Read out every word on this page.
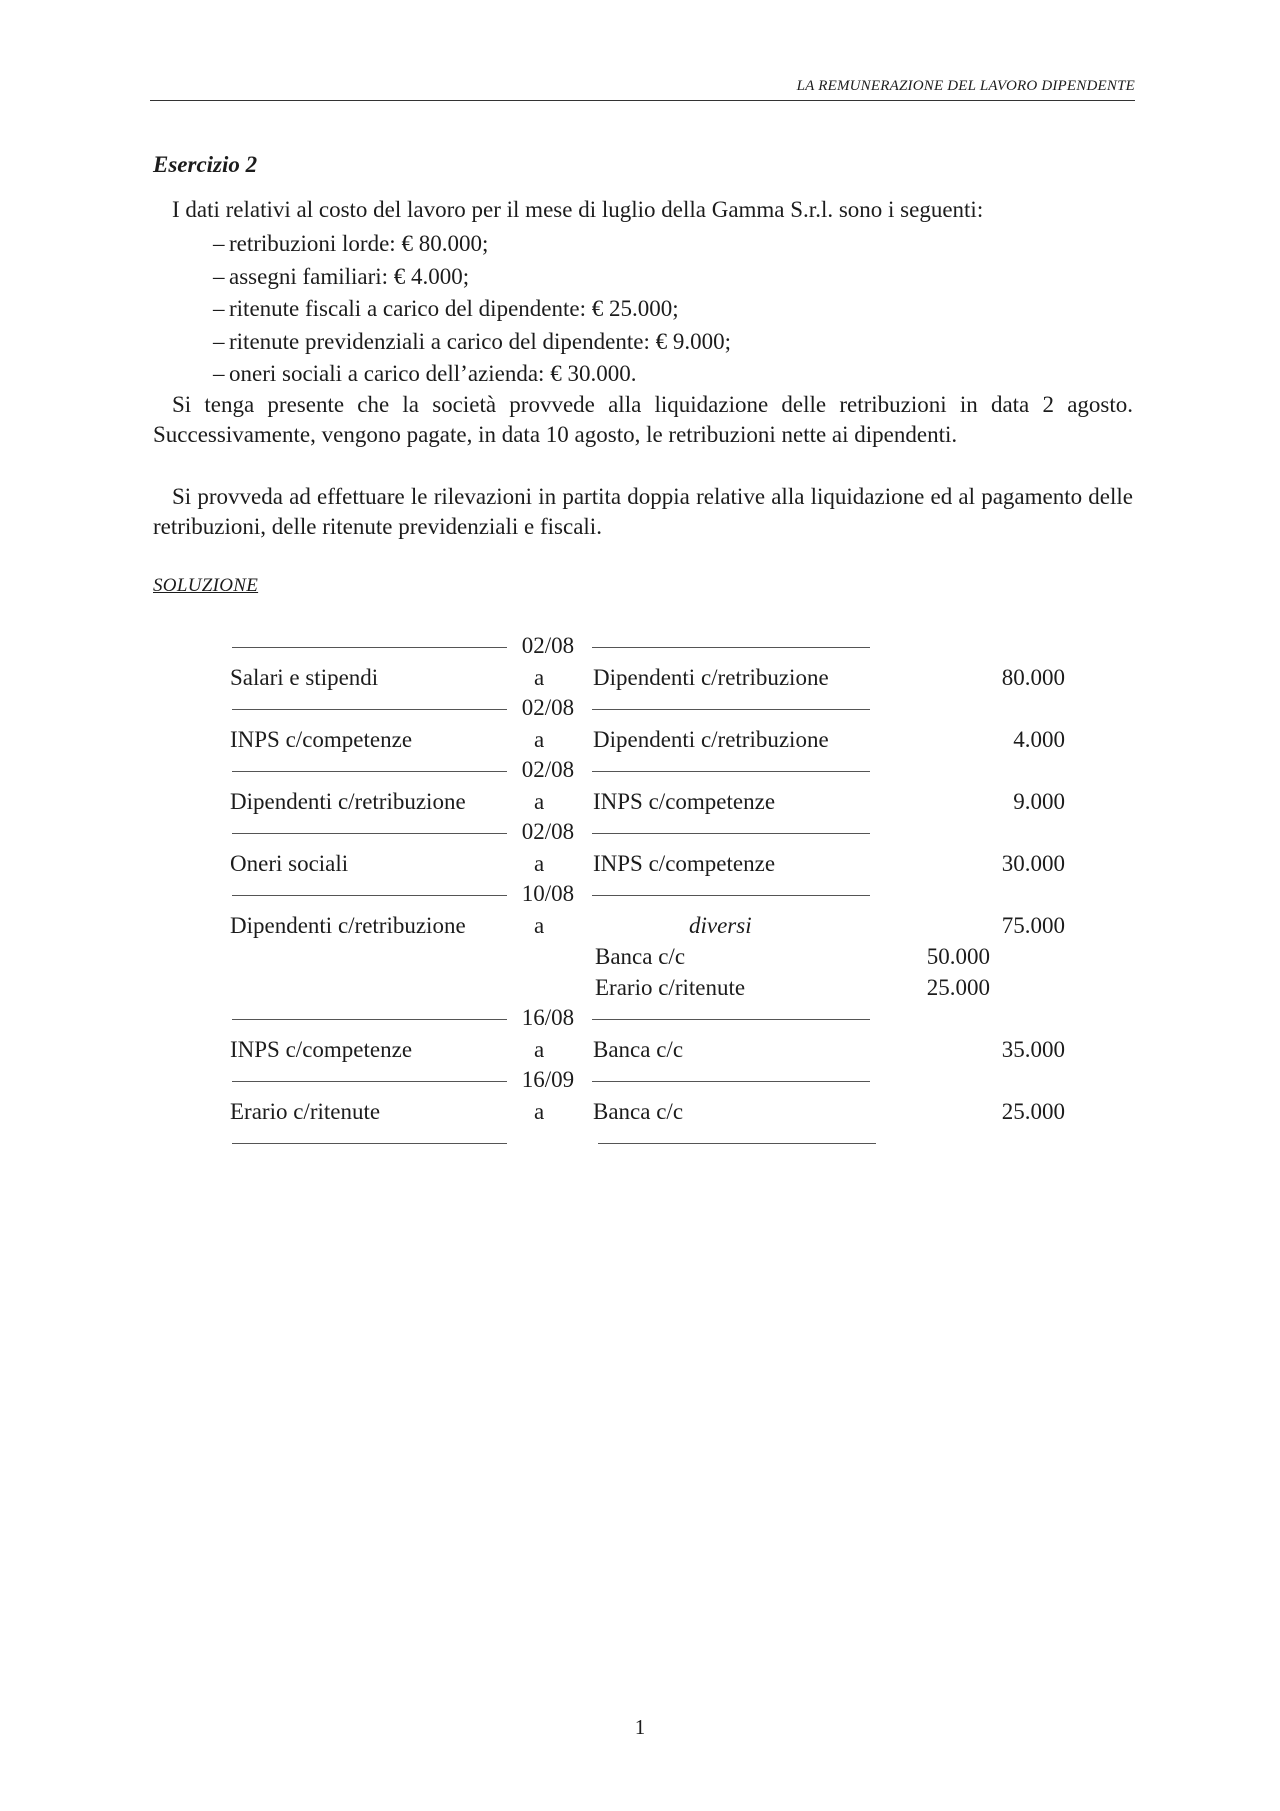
LA REMUNERAZIONE DEL LAVORO DIPENDENTE
Esercizio 2
I dati relativi al costo del lavoro per il mese di luglio della Gamma S.r.l. sono i seguenti:
– retribuzioni lorde: € 80.000;
– assegni familiari: € 4.000;
– ritenute fiscali a carico del dipendente: € 25.000;
– ritenute previdenziali a carico del dipendente: € 9.000;
– oneri sociali a carico dell’azienda: € 30.000.
Si tenga presente che la società provvede alla liquidazione delle retribuzioni in data 2 agosto. Successivamente, vengono pagate, in data 10 agosto, le retribuzioni nette ai dipendenti.
Si provveda ad effettuare le rilevazioni in partita doppia relative alla liquidazione ed al pagamento delle retribuzioni, delle ritenute previdenziali e fiscali.
SOLUZIONE
02/08
Salari e stipendi	a Dipendenti c/retribuzione	80.000
02/08
INPS c/competenze	a Dipendenti c/retribuzione	4.000
02/08
Dipendenti c/retribuzione	a INPS c/competenze	9.000
02/08
Oneri sociali	a INPS c/competenze	30.000
10/08
Dipendenti c/retribuzione	a	diversi	75.000
Banca c/c	50.000
Erario c/ritenute	25.000
16/08
INPS c/competenze	a Banca c/c	35.000
16/09
Erario c/ritenute	a Banca c/c	25.000
1
